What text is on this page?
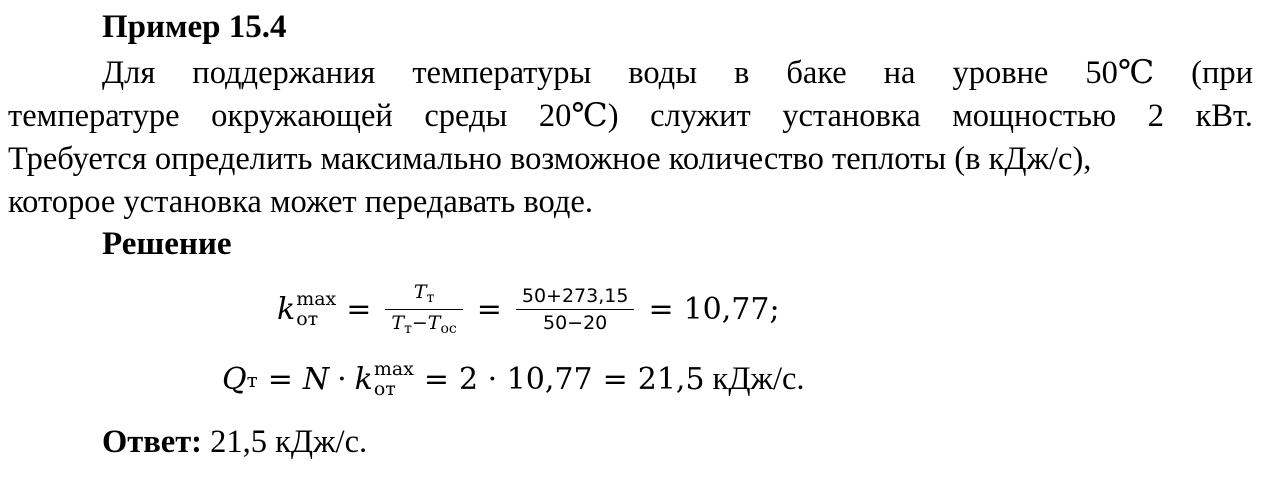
Пример 15.4
Для поддержания температуры воды в баке на уровне 50℃ (при
температуре окружающей среды 20℃) служит установка мощностью 2 кВт.
Требуется определить максимально возможное количество теплоты (в кДж/с),
которое установка может передавать воде.
Решение
k max
от = $\frac{T_т}{T_т-T_{ос}} = \frac{50+273,15}{50-20} = 10,77$;
Q т = N · k max
от = 2 · 10,77 = 21,5 кДж/с.
Ответ: 21,5 кДж/с.
